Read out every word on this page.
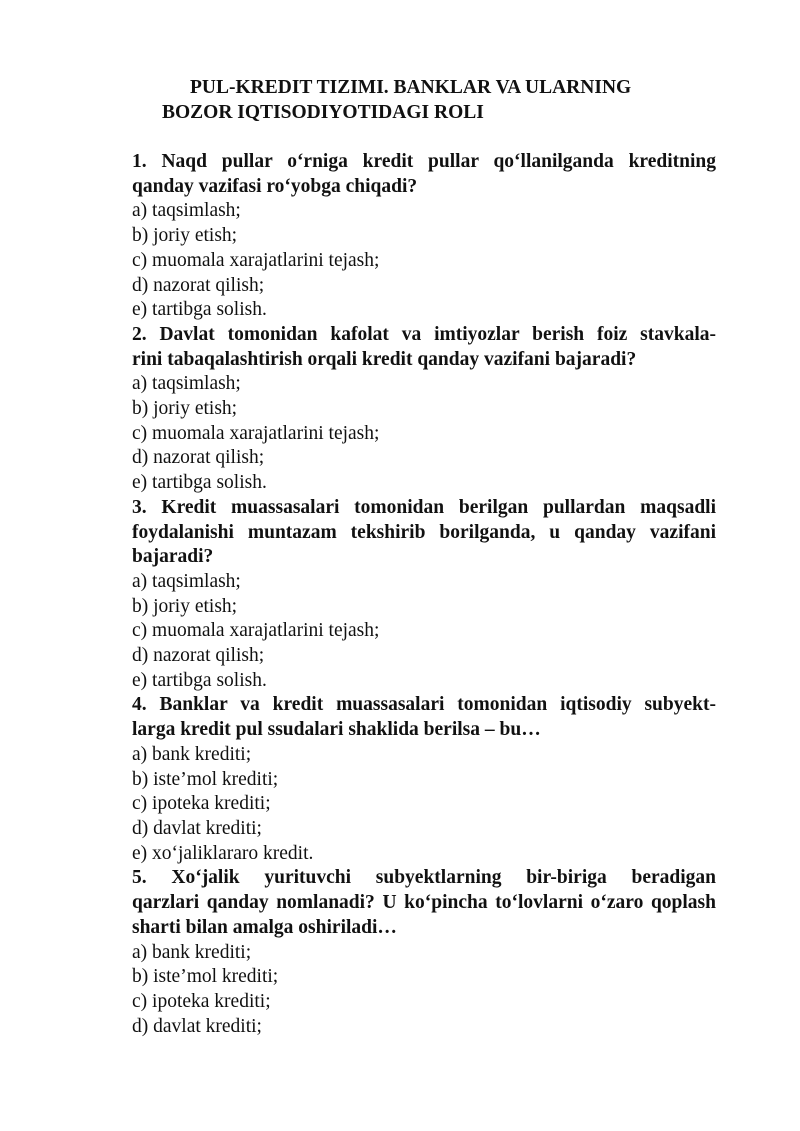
PUL-KREDIT TIZIMI. BANKLAR VA ULARNING
BOZOR IQTISODIYOTIDAGI ROLI

1. Naqd pullar o‘rniga kredit pullar qo‘llanilganda kreditning
qanday vazifasi ro‘yobga chiqadi?

a) taqsimlash;

b) joriy etish;

c) muomala xarajatlarini tejash;

d) nazorat qilish;

e) tartibga solish.

2. Davlat tomonidan kafolat va imtiyozlar berish foiz stavkala-
rini tabaqalashtirish orqali kredit qanday vazifani bajaradi?

a) taqsimlash;

b) joriy etish;

c) muomala xarajatlarini tejash;

d) nazorat qilish;

e) tartibga solish.

3. Kredit muassasalari tomonidan berilgan pullardan maqsadli
foydalanishi muntazam tekshirib borilganda, u qanday vazifani
bajaradi?

a) taqsimlash;

b) joriy etish;

c) muomala xarajatlarini tejash;

d) nazorat qilish;

e) tartibga solish.

4. Banklar va kredit muassasalari tomonidan iqtisodiy subyekt-
larga kredit pul ssudalari shaklida berilsa – bu…

a) bank krediti;

b) iste’mol krediti;

c) ipoteka krediti;

d) davlat krediti;

e) xo‘jaliklararo kredit.

5. Xo‘jalik yurituvchi subyektlarning bir-biriga beradigan
qarzlari qanday nomlanadi? U ko‘pincha to‘lovlarni o‘zaro qoplash
sharti bilan amalga oshiriladi…

a) bank krediti;

b) iste’mol krediti;

c) ipoteka krediti;

d) davlat krediti;
